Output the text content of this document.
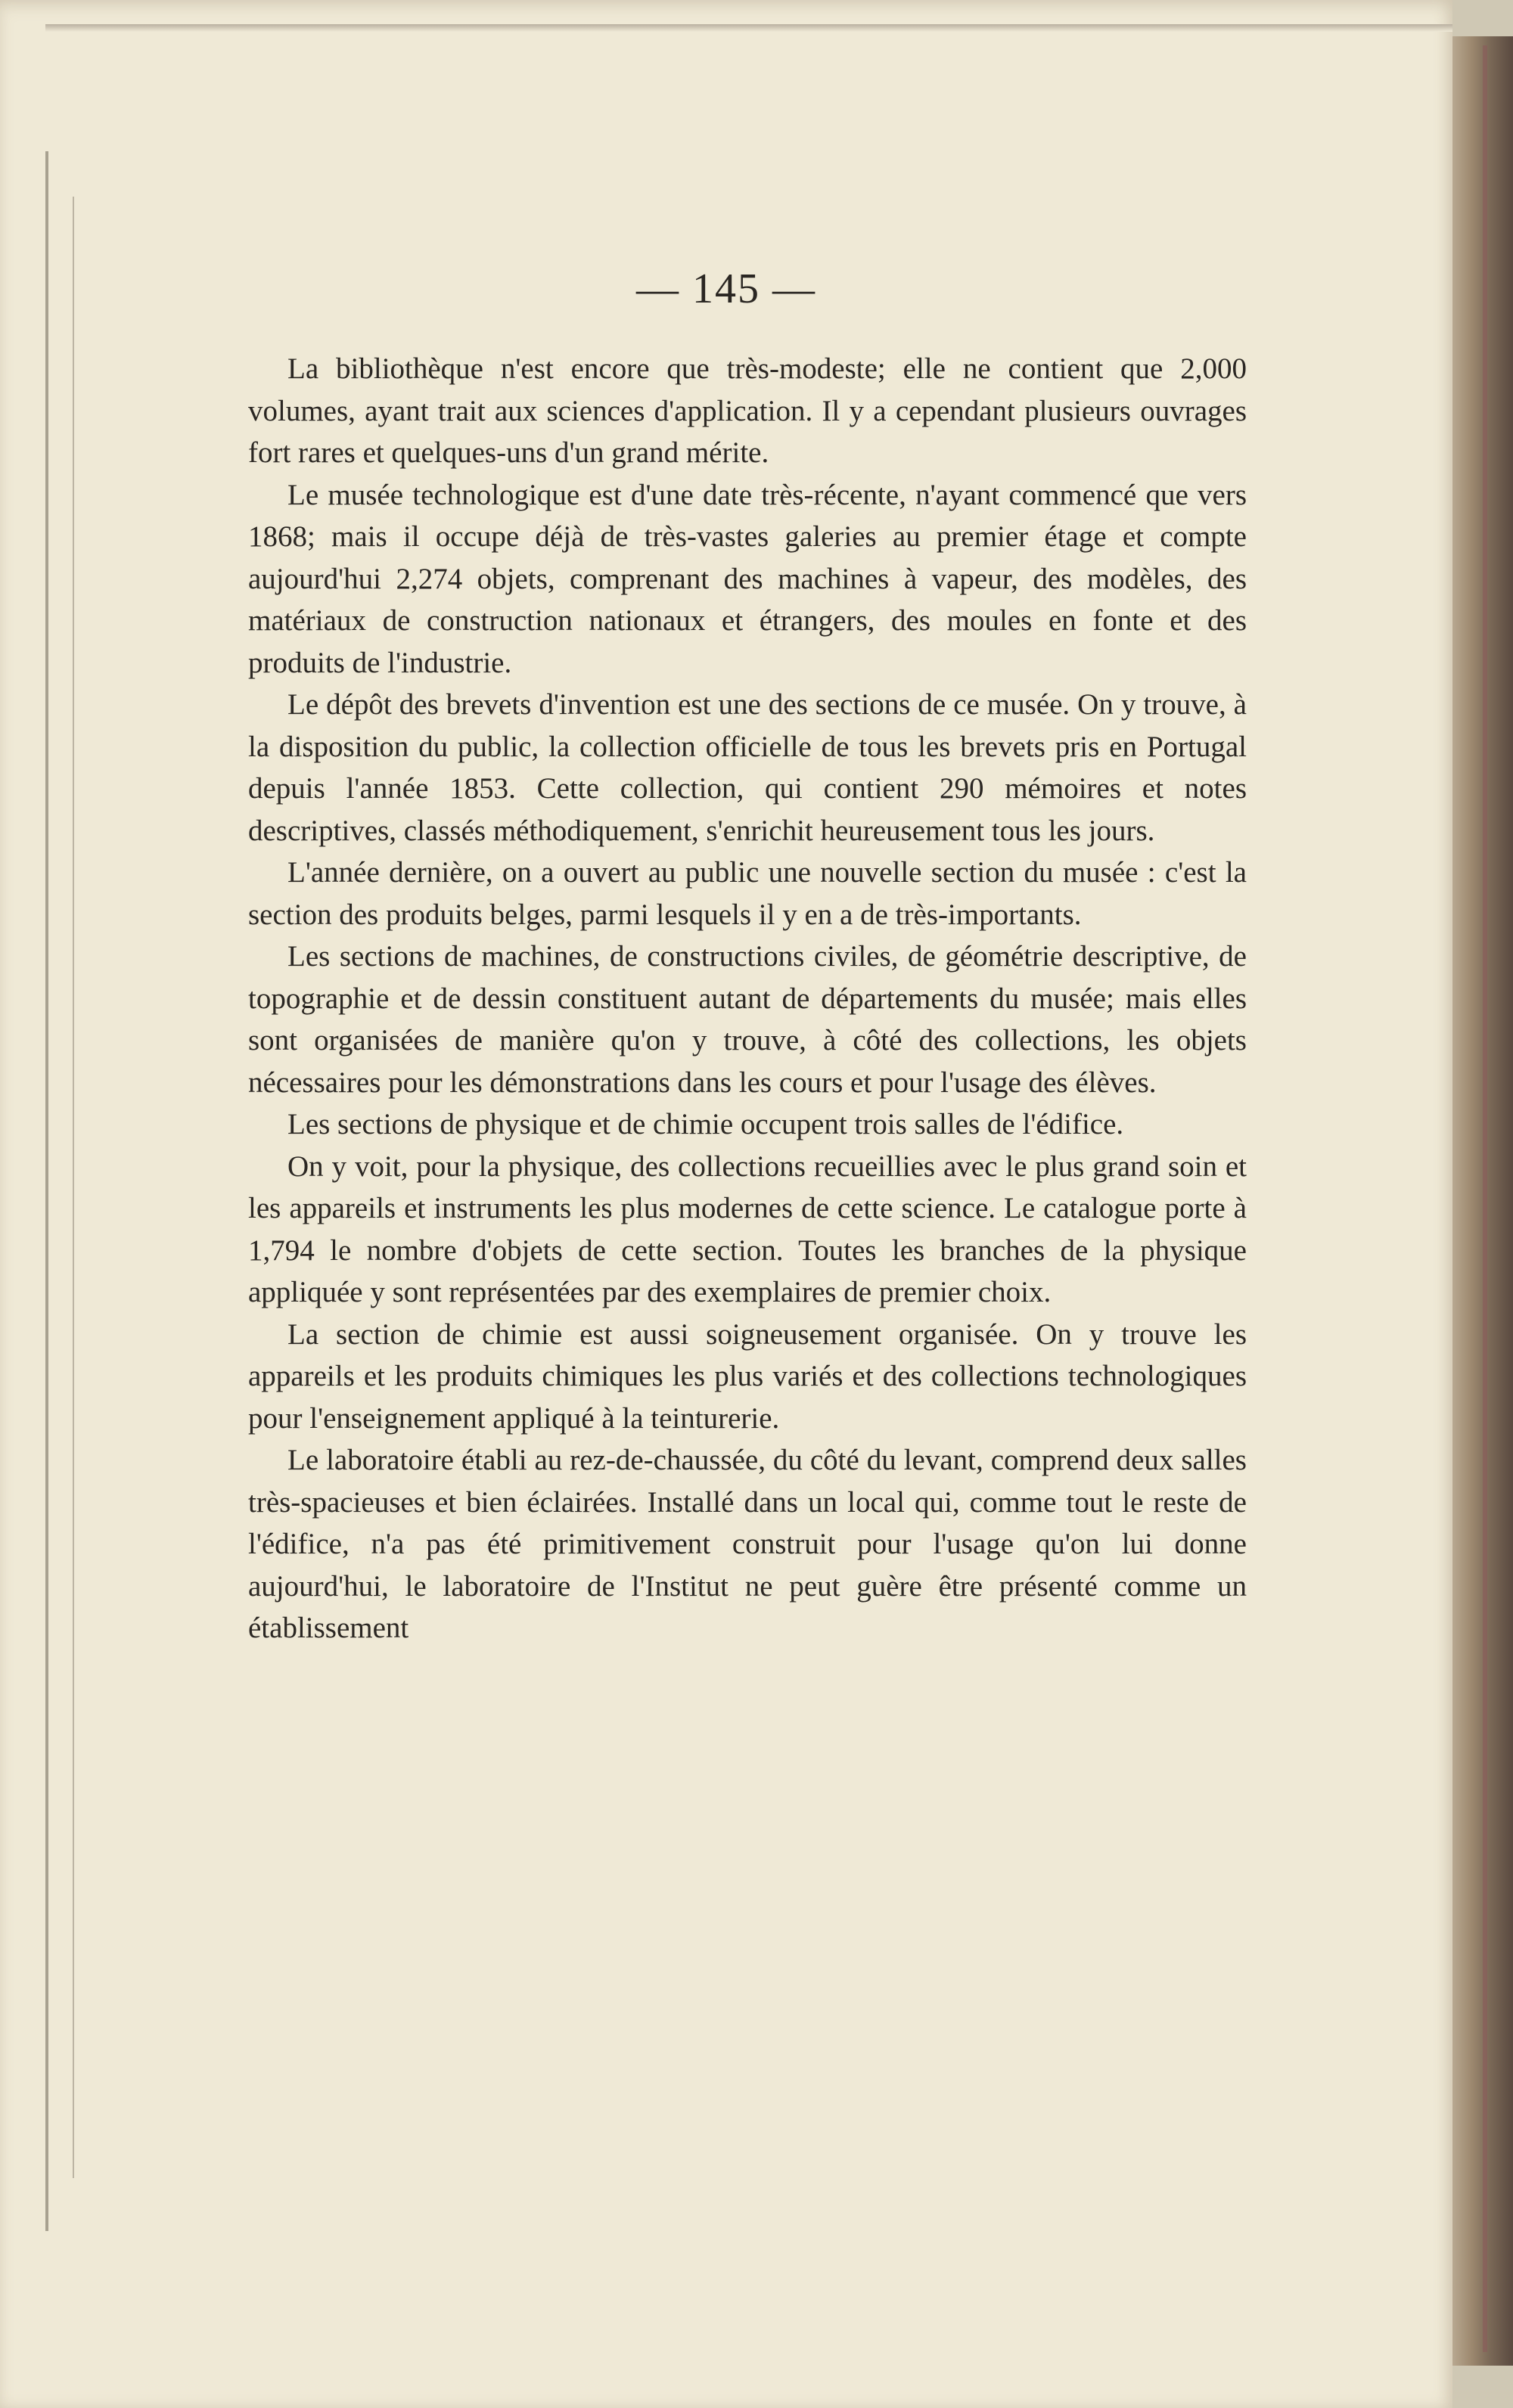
— 145 —

La bibliothèque n'est encore que très-modeste; elle ne contient que 2,000 volumes, ayant trait aux sciences d'application. Il y a cependant plusieurs ouvrages fort rares et quelques-uns d'un grand mérite.

Le musée technologique est d'une date très-récente, n'ayant commencé que vers 1868; mais il occupe déjà de très-vastes galeries au premier étage et compte aujourd'hui 2,274 objets, comprenant des machines à vapeur, des modèles, des matériaux de construction nationaux et étrangers, des moules en fonte et des produits de l'industrie.

Le dépôt des brevets d'invention est une des sections de ce musée. On y trouve, à la disposition du public, la collection officielle de tous les brevets pris en Portugal depuis l'année 1853. Cette collection, qui contient 290 mémoires et notes descriptives, classés méthodiquement, s'enrichit heureusement tous les jours.

L'année dernière, on a ouvert au public une nouvelle section du musée : c'est la section des produits belges, parmi lesquels il y en a de très-importants.

Les sections de machines, de constructions civiles, de géométrie descriptive, de topographie et de dessin constituent autant de départements du musée; mais elles sont organisées de manière qu'on y trouve, à côté des collections, les objets nécessaires pour les démonstrations dans les cours et pour l'usage des élèves.

Les sections de physique et de chimie occupent trois salles de l'édifice.

On y voit, pour la physique, des collections recueillies avec le plus grand soin et les appareils et instruments les plus modernes de cette science. Le catalogue porte à 1,794 le nombre d'objets de cette section. Toutes les branches de la physique appliquée y sont représentées par des exemplaires de premier choix.

La section de chimie est aussi soigneusement organisée. On y trouve les appareils et les produits chimiques les plus variés et des collections technologiques pour l'enseignement appliqué à la teinturerie.

Le laboratoire établi au rez-de-chaussée, du côté du levant, comprend deux salles très-spacieuses et bien éclairées. Installé dans un local qui, comme tout le reste de l'édifice, n'a pas été primitivement construit pour l'usage qu'on lui donne aujourd'hui, le laboratoire de l'Institut ne peut guère être présenté comme un établissement
